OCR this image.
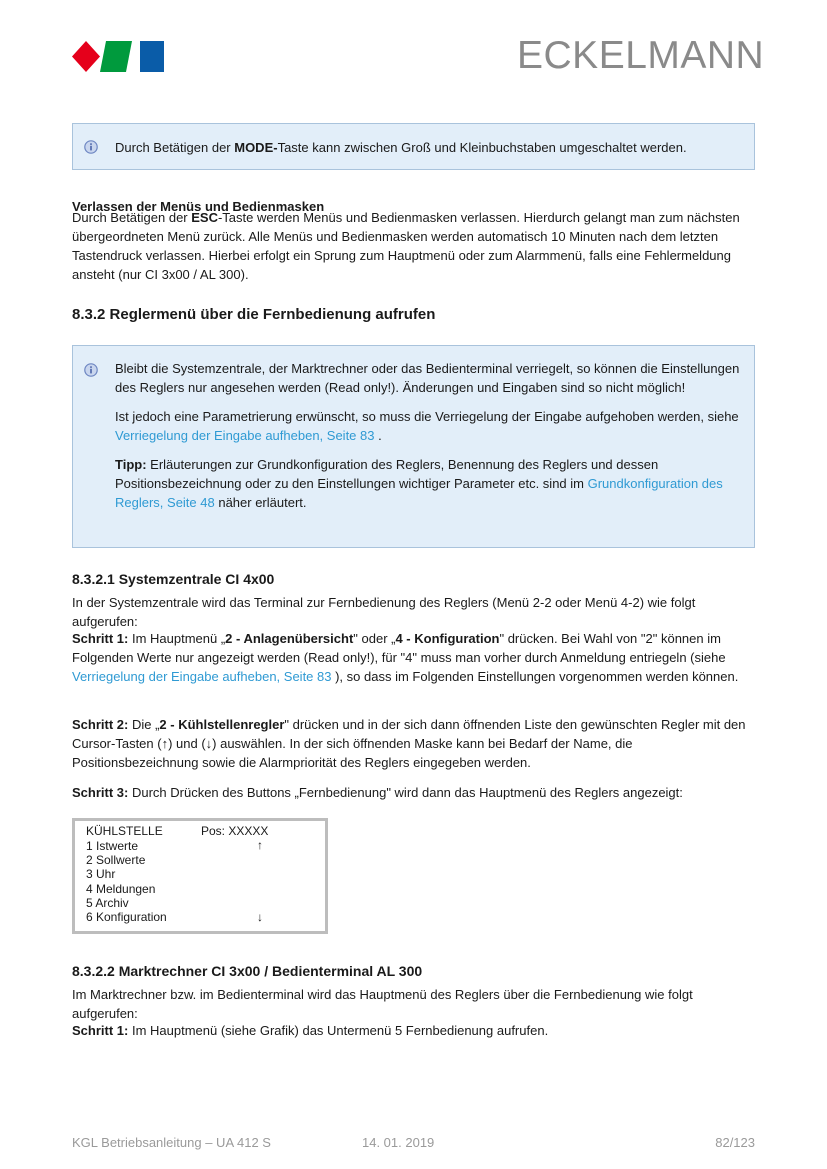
ECKELMANN

Durch Betätigen der MODE-Taste kann zwischen Groß und Kleinbuchstaben umgeschaltet werden.

Verlassen der Menüs und Bedienmasken

Durch Betätigen der ESC-Taste werden Menüs und Bedienmasken verlassen. Hierdurch gelangt man zum nächsten übergeordneten Menü zurück. Alle Menüs und Bedienmasken werden automatisch 10 Minuten nach dem letzten Tastendruck verlassen. Hierbei erfolgt ein Sprung zum Hauptmenü oder zum Alarmmenü, falls eine Fehlermeldung ansteht (nur CI 3x00 / AL 300).

8.3.2 Reglermenü über die Fernbedienung aufrufen

Bleibt die Systemzentrale, der Marktrechner oder das Bedienterminal verriegelt, so können die Einstellungen des Reglers nur angesehen werden (Read only!). Änderungen und Eingaben sind so nicht möglich!

Ist jedoch eine Parametrierung erwünscht, so muss die Verriegelung der Eingabe aufgehoben werden, siehe Verriegelung der Eingabe aufheben, Seite 83 .

Tipp: Erläuterungen zur Grundkonfiguration des Reglers, Benennung des Reglers und dessen Positionsbezeichnung oder zu den Einstellungen wichtiger Parameter etc. sind im Grundkonfiguration des Reglers, Seite 48 näher erläutert.

8.3.2.1 Systemzentrale CI 4x00

In der Systemzentrale wird das Terminal zur Fernbedienung des Reglers (Menü 2-2 oder Menü 4-2) wie folgt aufgerufen:

Schritt 1: Im Hauptmenü „2 - Anlagenübersicht" oder „4 - Konfiguration" drücken. Bei Wahl von "2" können im Folgenden Werte nur angezeigt werden (Read only!), für "4" muss man vorher durch Anmeldung entriegeln (siehe Verriegelung der Eingabe aufheben, Seite 83 ), so dass im Folgenden Einstellungen vorgenommen werden können.

Schritt 2: Die „2 - Kühlstellenregler" drücken und in der sich dann öffnenden Liste den gewünschten Regler mit den Cursor-Tasten (↑) und (↓) auswählen. In der sich öffnenden Maske kann bei Bedarf der Name, die Positionsbezeichnung sowie die Alarmpriorität des Reglers eingegeben werden.

Schritt 3: Durch Drücken des Buttons „Fernbedienung" wird dann das Hauptmenü des Reglers angezeigt:

KÜHLSTELLE	Pos: XXXXX
↑
1 Istwerte
2 Sollwerte
3 Uhr
4 Meldungen
5 Archiv
6 Konfiguration	↓
8.3.2.2 Marktrechner CI 3x00 / Bedienterminal AL 300

Im Marktrechner bzw. im Bedienterminal wird das Hauptmenü des Reglers über die Fernbedienung wie folgt aufgerufen:

Schritt 1: Im Hauptmenü (siehe Grafik) das Untermenü 5 Fernbedienung aufrufen.

KGL Betriebsanleitung – UA 412 S	14. 01. 2019	82/123
